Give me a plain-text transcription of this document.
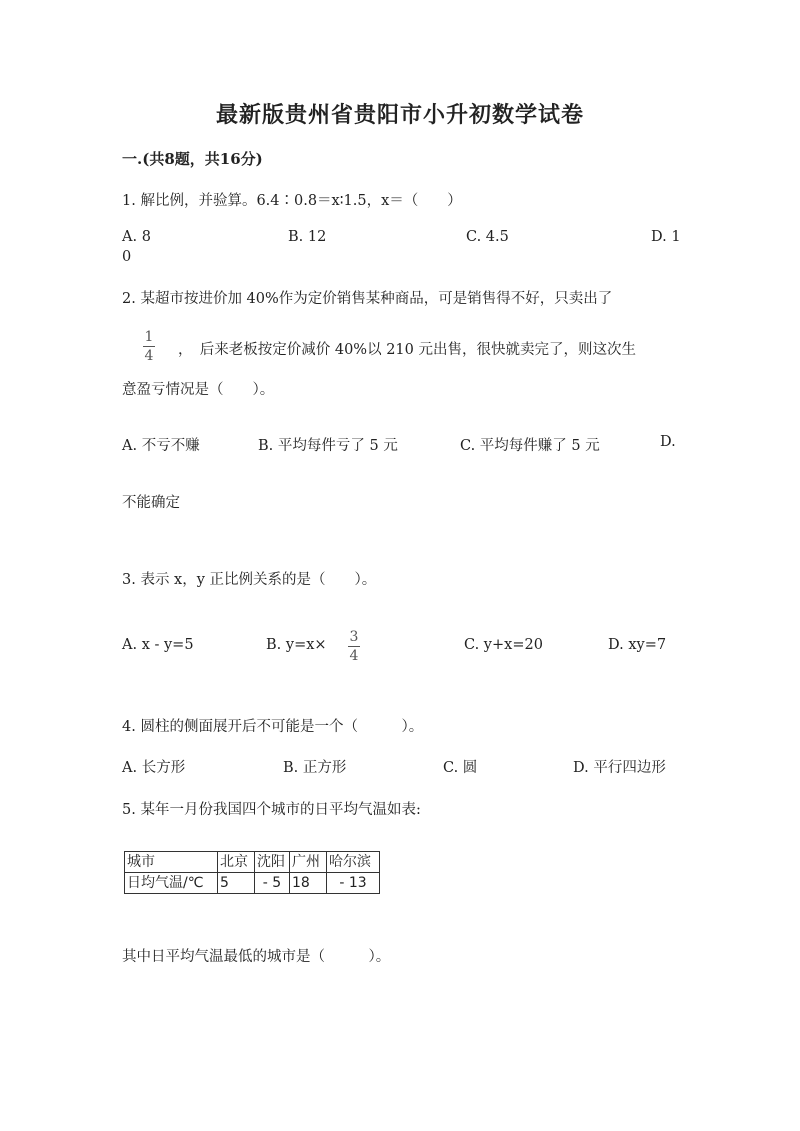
最新版贵州省贵阳市小升初数学试卷
一.(共8题，共16分)
1. 解比例，并验算。6.4∶0.8＝x∶1.5，x＝（　　）
A. 8	B. 12	C. 4.5	D. 1
0
2. 某超市按进价加 40%作为定价销售某种商品，可是销售得不好，只卖出了
1
4 ，　后来老板按定价减价 40%以 210 元出售，很快就卖完了，则这次生
意盈亏情况是（　　）。
A. 不亏不赚	B. 平均每件亏了 5 元	C. 平均每件赚了 5 元	D.
不能确定
3. 表示 x，y 正比例关系的是（　　）。
A. x - y=5	B. y=x× 3
4
C. y+x=20	D. xy=7
4. 圆柱的侧面展开后不可能是一个（　　　）。
A. 长方形	B. 正方形	C. 圆	D. 平行四边形
5. 某年一月份我国四个城市的日平均气温如表:
城市	北京	沈阳	广州	哈尔滨
日均气温/℃	5	- 5	18	- 13
其中日平均气温最低的城市是（　　　）。
